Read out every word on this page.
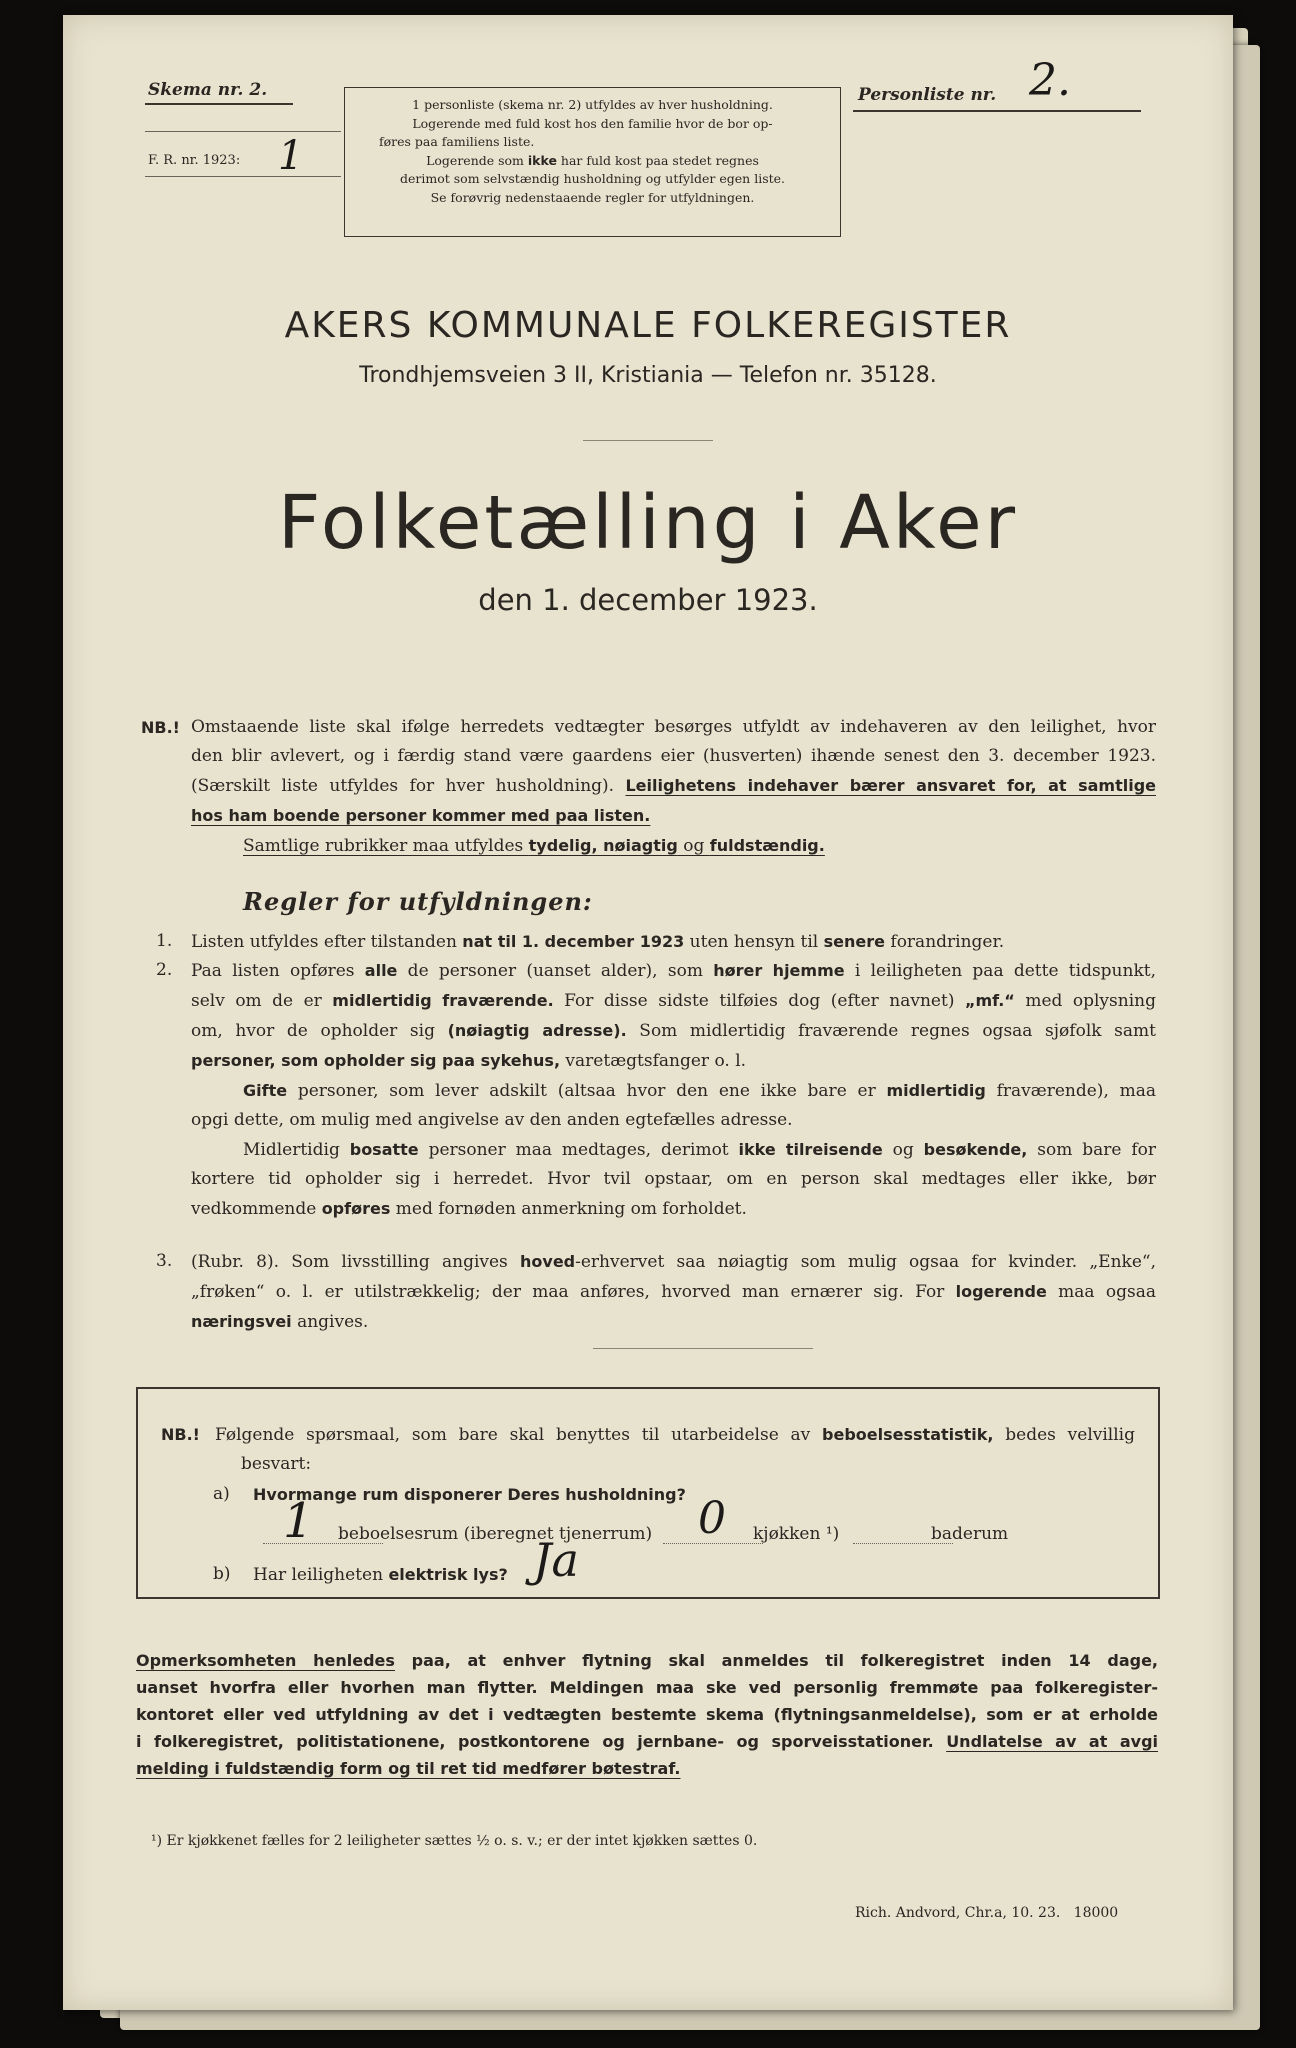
Skema nr. 2.
F. R. nr. 1923: 1
1 personliste (skema nr. 2) utfyldes av hver husholdning.
Logerende med fuld kost hos den familie hvor de bor op-
føres paa familiens liste.
Logerende som ikke har fuld kost paa stedet regnes
derimot som selvstændig husholdning og utfylder egen liste.
Se forøvrig nedenstaaende regler for utfyldningen.
Personliste nr. 2.
AKERS KOMMUNALE FOLKEREGISTER
Trondhjemsveien 3 II, Kristiania — Telefon nr. 35128.
Folketælling i Aker
den 1. december 1923.
NB.! Omstaaende liste skal ifølge herredets vedtægter besørges utfyldt av indehaveren av den leilighet, hvor
den blir avlevert, og i færdig stand være gaardens eier (husverten) ihænde senest den 3. december 1923.
(Særskilt liste utfyldes for hver husholdning). Leilighetens indehaver bærer ansvaret for, at samtlige
hos ham boende personer kommer med paa listen.
Samtlige rubrikker maa utfyldes tydelig, nøiagtig og fuldstændig.
Regler for utfyldningen:
1. Listen utfyldes efter tilstanden nat til 1. december 1923 uten hensyn til senere forandringer.
2. Paa listen opføres alle de personer (uanset alder), som hører hjemme i leiligheten paa dette tidspunkt,
selv om de er midlertidig fraværende. For disse sidste tilføies dog (efter navnet) „mf.“ med oplysning
om, hvor de opholder sig (nøiagtig adresse). Som midlertidig fraværende regnes ogsaa sjøfolk samt
personer, som opholder sig paa sykehus, varetægtsfanger o. l.
Gifte personer, som lever adskilt (altsaa hvor den ene ikke bare er midlertidig fraværende), maa
opgi dette, om mulig med angivelse av den anden egtefælles adresse.
Midlertidig bosatte personer maa medtages, derimot ikke tilreisende og besøkende, som bare for
kortere tid opholder sig i herredet. Hvor tvil opstaar, om en person skal medtages eller ikke, bør
vedkommende opføres med fornøden anmerkning om forholdet.
3. (Rubr. 8). Som livsstilling angives hoved-erhvervet saa nøiagtig som mulig ogsaa for kvinder. „Enke“,
„frøken“ o. l. er utilstrækkelig; der maa anføres, hvorved man ernærer sig. For logerende maa ogsaa
næringsvei angives.
NB.! Følgende spørsmaal, som bare skal benyttes til utarbeidelse av beboelsesstatistik, bedes velvillig
besvart:
a) Hvormange rum disponerer Deres husholdning?
1 beboelsesrum (iberegnet tjenerrum) 0 kjøkken ¹)	baderum
b) Har leiligheten elektrisk lys? Ja
Opmerksomheten henledes paa, at enhver flytning skal anmeldes til folkeregistret inden 14 dage,
uanset hvorfra eller hvorhen man flytter. Meldingen maa ske ved personlig fremmøte paa folkeregister-
kontoret eller ved utfyldning av det i vedtægten bestemte skema (flytningsanmeldelse), som er at erholde
i folkeregistret, politistationene, postkontorene og jernbane- og sporveisstationer. Undlatelse av at avgi
melding i fuldstændig form og til ret tid medfører bøtestraf.
¹) Er kjøkkenet fælles for 2 leiligheter sættes ½ o. s. v.; er der intet kjøkken sættes 0.
Rich. Andvord, Chr.a, 10. 23.   18000
